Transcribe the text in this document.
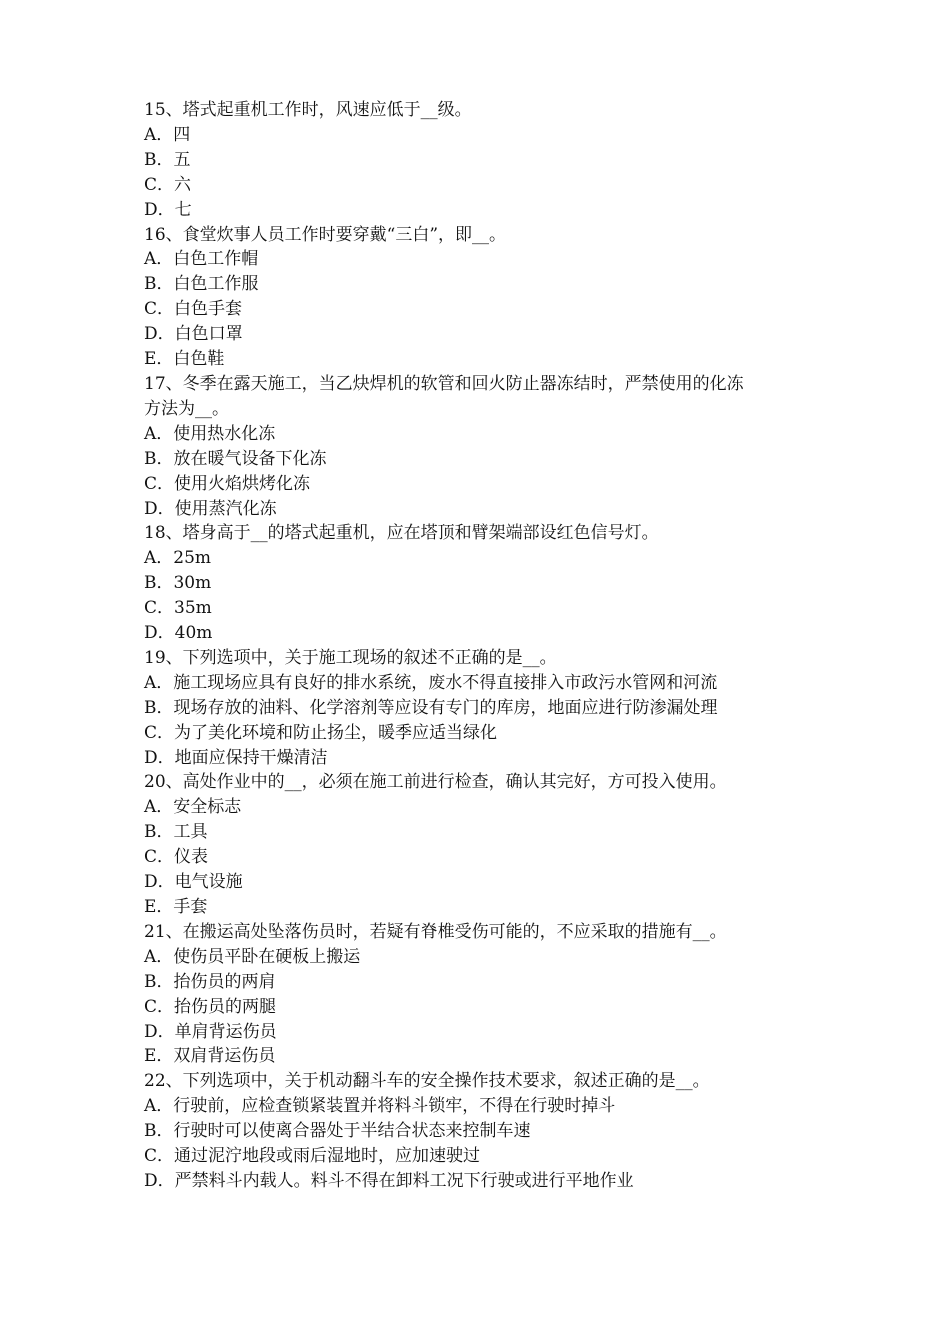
15、塔式起重机工作时，风速应低于__级。
A．四
B．五
C．六
D．七
16、食堂炊事人员工作时要穿戴“三白”，即__。
A．白色工作帽
B．白色工作服
C．白色手套
D．白色口罩
E．白色鞋
17、冬季在露天施工，当乙炔焊机的软管和回火防止器冻结时，严禁使用的化冻
方法为__。
A．使用热水化冻
B．放在暖气设备下化冻
C．使用火焰烘烤化冻
D．使用蒸汽化冻
18、塔身高于__的塔式起重机，应在塔顶和臂架端部设红色信号灯。
A．25m
B．30m
C．35m
D．40m
19、下列选项中，关于施工现场的叙述不正确的是__。
A．施工现场应具有良好的排水系统，废水不得直接排入市政污水管网和河流
B．现场存放的油料、化学溶剂等应设有专门的库房，地面应进行防渗漏处理
C．为了美化环境和防止扬尘，暖季应适当绿化
D．地面应保持干燥清洁
20、高处作业中的__，必须在施工前进行检查，确认其完好，方可投入使用。
A．安全标志
B．工具
C．仪表
D．电气设施
E．手套
21、在搬运高处坠落伤员时，若疑有脊椎受伤可能的，不应采取的措施有__。
A．使伤员平卧在硬板上搬运
B．抬伤员的两肩
C．抬伤员的两腿
D．单肩背运伤员
E．双肩背运伤员
22、下列选项中，关于机动翻斗车的安全操作技术要求，叙述正确的是__。
A．行驶前，应检查锁紧装置并将料斗锁牢，不得在行驶时掉斗
B．行驶时可以使离合器处于半结合状态来控制车速
C．通过泥泞地段或雨后湿地时，应加速驶过
D．严禁料斗内载人。料斗不得在卸料工况下行驶或进行平地作业
